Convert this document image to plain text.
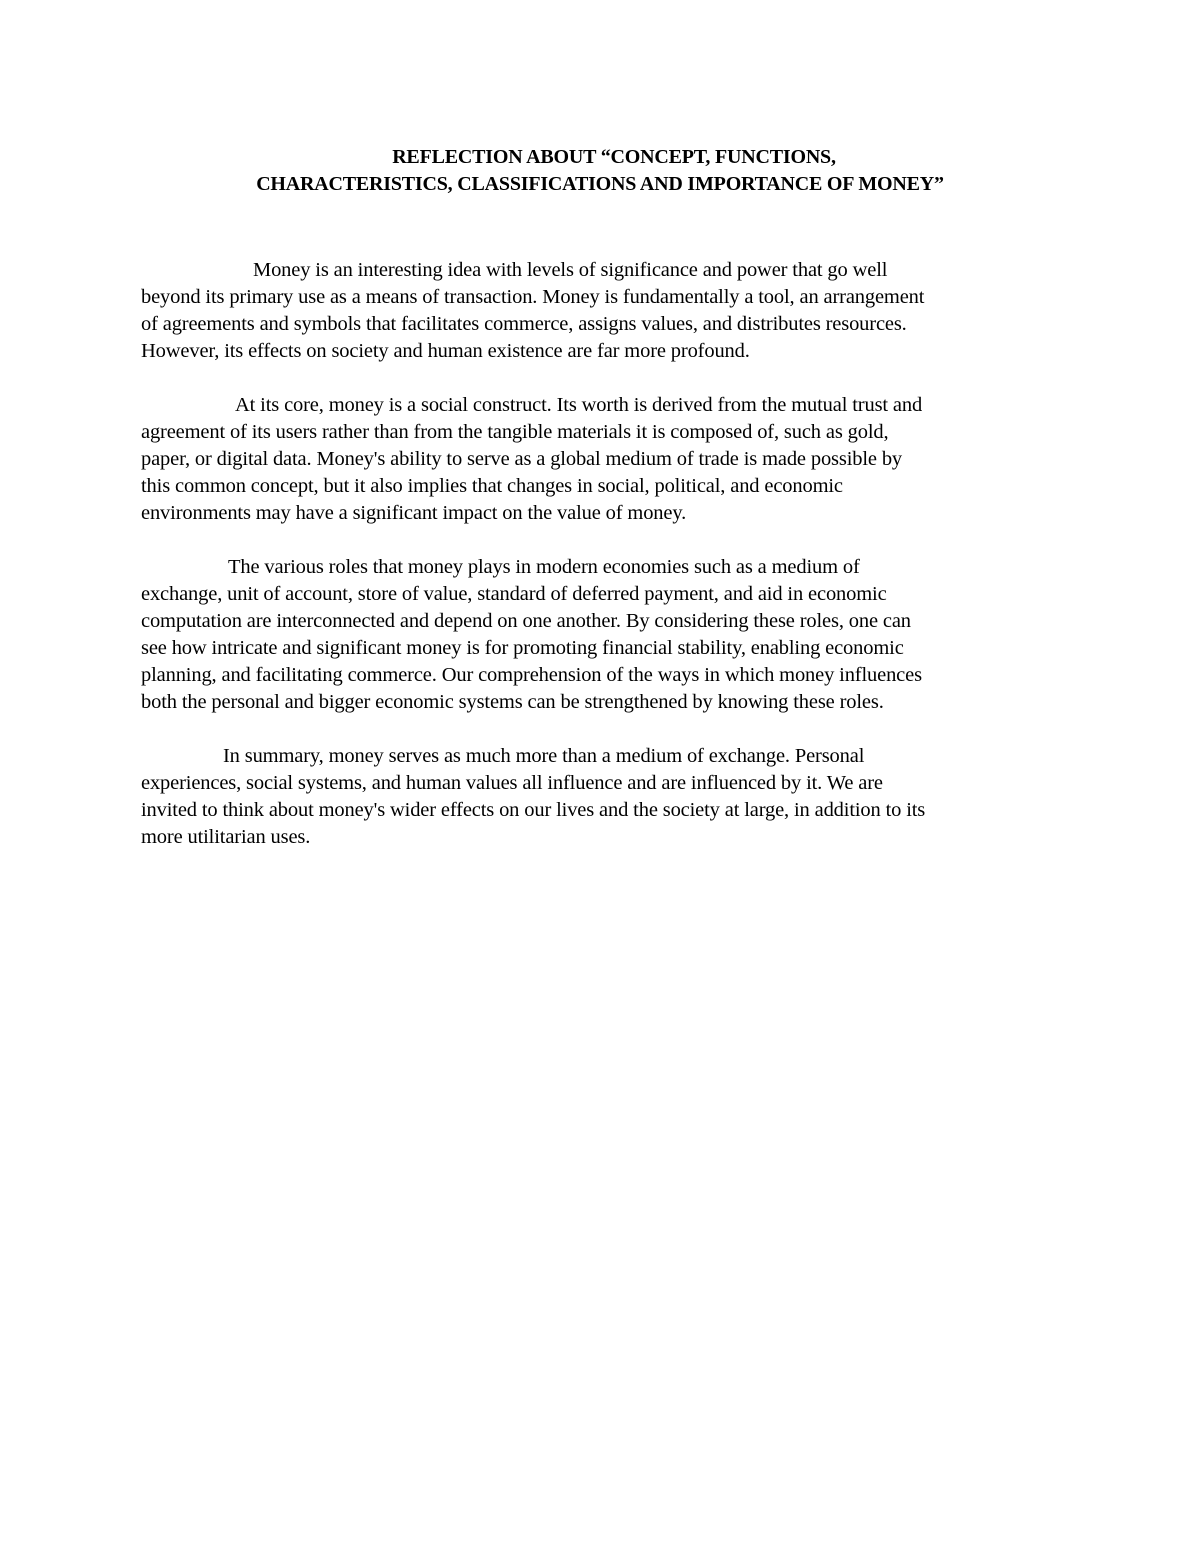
REFLECTION ABOUT “CONCEPT, FUNCTIONS,
CHARACTERISTICS, CLASSIFICATIONS AND IMPORTANCE OF MONEY”

Money is an interesting idea with levels of significance and power that go well
beyond its primary use as a means of transaction. Money is fundamentally a tool, an arrangement
of agreements and symbols that facilitates commerce, assigns values, and distributes resources.
However, its effects on society and human existence are far more profound.

At its core, money is a social construct. Its worth is derived from the mutual trust and
agreement of its users rather than from the tangible materials it is composed of, such as gold,
paper, or digital data. Money's ability to serve as a global medium of trade is made possible by
this common concept, but it also implies that changes in social, political, and economic
environments may have a significant impact on the value of money.

The various roles that money plays in modern economies such as a medium of
exchange, unit of account, store of value, standard of deferred payment, and aid in economic
computation are interconnected and depend on one another. By considering these roles, one can
see how intricate and significant money is for promoting financial stability, enabling economic
planning, and facilitating commerce. Our comprehension of the ways in which money influences
both the personal and bigger economic systems can be strengthened by knowing these roles.

In summary, money serves as much more than a medium of exchange. Personal
experiences, social systems, and human values all influence and are influenced by it. We are
invited to think about money's wider effects on our lives and the society at large, in addition to its
more utilitarian uses.
